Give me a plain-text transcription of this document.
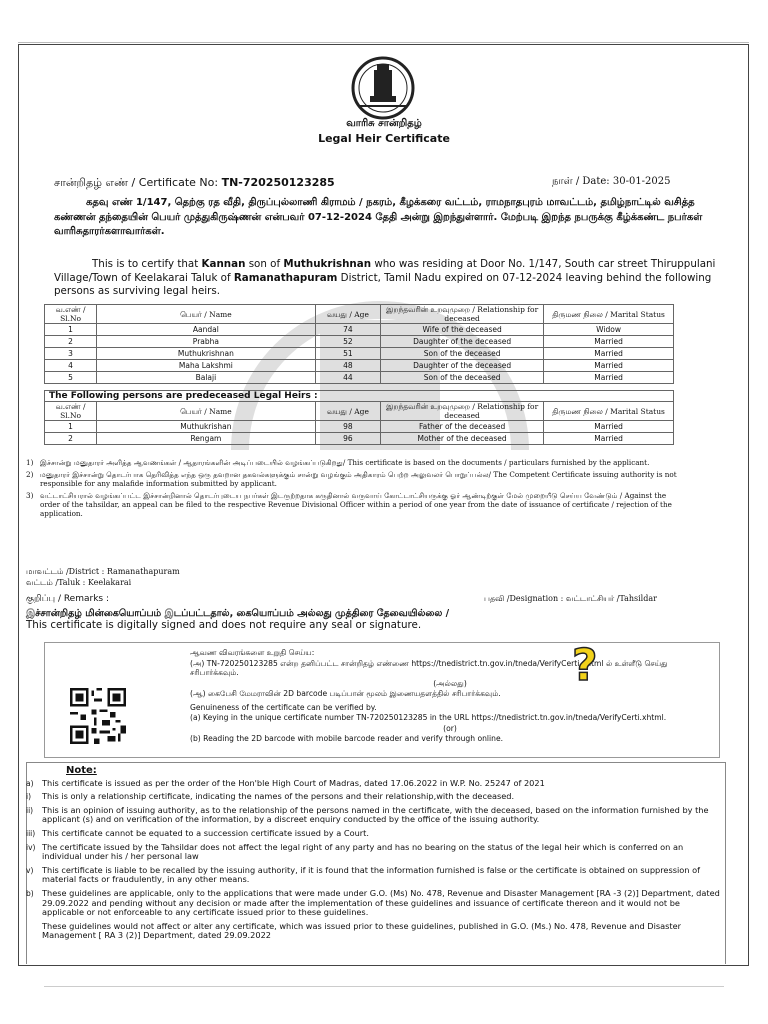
வாரிசு சான்றிதழ்
Legal Heir Certificate
சான்றிதழ் எண் / Certificate No: TN-720250123285	நாள் / Date: 30-01-2025
கதவு எண் 1/147, தெற்கு ரத வீதி, திருப்புல்லாணி கிராமம் / நகரம், கீழக்கரை வட்டம், ராமநாதபுரம் மாவட்டம், தமிழ்நாட்டில் வசித்த கண்ணன் தந்தையின் பெயர் முத்துகிருஷ்ணன் என்பவர் 07-12-2024 தேதி அன்று இறந்துள்ளார். மேற்படி இறந்த நபருக்கு கீழ்க்கண்ட நபர்கள் வாரிசுதாரர்களாவார்கள்.
This is to certify that Kannan son of Muthukrishnan who was residing at Door No. 1/147, South car street Thiruppulani Village/Town of Keelakarai Taluk of Ramanathapuram District, Tamil Nadu expired on 07-12-2024 leaving behind the following persons as surviving legal heirs.
வ.எண் / Sl.No	பெயர் / Name	வயது / Age	இறந்தவரின் உறவுமுறை / Relationship for deceased	திருமண நிலை / Marital Status
1	Aandal	74	Wife of the deceased	Widow
2	Prabha	52	Daughter of the deceased	Married
3	Muthukrishnan	51	Son of the deceased	Married
4	Maha Lakshmi	48	Daughter of the deceased	Married
5	Balaji	44	Son of the deceased	Married
The Following persons are predeceased Legal Heirs :
வ.எண் / Sl.No	பெயர் / Name	வயது / Age	இறந்தவரின் உறவுமுறை / Relationship for deceased	திருமண நிலை / Marital Status
1	Muthukrishan	98	Father of the deceased	Married
2	Rengam	96	Mother of the deceased	Married
1) இச்சான்று மனுதாரர் அளித்த ஆவணங்கள் / ஆதாரங்களின் அடிப்படையில் வழங்கப்படுகிறது/ This certificate is based on the documents / particulars furnished by the applicant.
2) மனுதாரர் இச்சான்று தொடர்பாக தெரிவித்த எந்த ஒரு தவறான தகவல்களுக்கும் சான்று வழங்கும் அதிகாரம் பெற்ற அலுவலர் பொறுப்பல்ல/ The Competent Certificate issuing authority is not responsible for any malafide information submitted by applicant.
3) வட்டாட்சியரால் வழங்கப்பட்ட இச்சான்றினால் தொடர்புடைய நபர்கள் இடருற்றதாக கருதினால் வருவாய் கோட்டாட்சியருக்கு ஓர் ஆண்டிற்குள் மேல் முறையீடு செய்ய வேண்டும் / Against the order of the tahsildar, an appeal can be filed to the respective Revenue Divisional Officer within a period of one year from the date of issuance of certificate / rejection of the application.
மாவட்டம் /District : Ramanathapuram
வட்டம் /Taluk : Keelakarai
குறிப்பு / Remarks :	பதவி /Designation : வட்டாட்சியர் /Tahsildar
இச்சான்றிதழ் மின்கையொப்பம் இடப்பட்டதால், கையொப்பம் அல்லது முத்திரை தேவையில்லை /
This certificate is digitally signed and does not require any seal or signature.
ஆவண விவரங்களை உறுதி செய்ய:
(அ) TN-720250123285 என்ற தனிப்பட்ட சான்றிதழ் எண்ணை https://tnedistrict.tn.gov.in/tneda/VerifyCerti.xhtml ல் உள்ளீடு செய்து சரிபார்க்கவும்.
(அல்லது)
(ஆ) கைபேசி மேமராவின் 2D barcode படிப்பான் மூலம் இணையதளத்தில் சரிபார்க்கவும்.
Genuineness of the certificate can be verified by.
(a) Keying in the unique certificate number TN-720250123285 in the URL https://tnedistrict.tn.gov.in/tneda/VerifyCerti.xhtml.
(or)
(b) Reading the 2D barcode with mobile barcode reader and verify through online.
?
Note:
a)	This certificate is issued as per the order of the Hon'ble High Court of Madras, dated 17.06.2022 in W.P. No. 25247 of 2021
i)	This is only a relationship certificate, indicating the names of the persons and their relationship,with the deceased.
ii)	This is an opinion of issuing authority, as to the relationship of the persons named in the certificate, with the deceased, based on the information furnished by the applicant (s) and on verification of the information, by a discreet enquiry conducted by the office of the issuing authority.
iii) This certificate cannot be equated to a succession certificate issued by a Court.
iv) The certificate issued by the Tahsildar does not affect the legal right of any party and has no bearing on the status of the legal heir which is conferred on an individual under his / her personal law
v)	This certificate is liable to be recalled by the issuing authority, if it is found that the information furnished is false or the certificate is obtained on suppression of material facts or fraudulently, in any other means.
b)	These guidelines are applicable, only to the applications that were made under G.O. (Ms) No. 478, Revenue and Disaster Management [RA -3 (2)] Department, dated 29.09.2022 and pending without any decision or made after the implementation of these guidelines and issuance of certificate thereon and it would not be applicable or not enforceable to any certificate issued prior to these guidelines.
These guidelines would not affect or alter any certificate, which was issued prior to these guidelines, published in G.O. (Ms.) No. 478, Revenue and Disaster Management [ RA 3 (2)] Department, dated 29.09.2022
